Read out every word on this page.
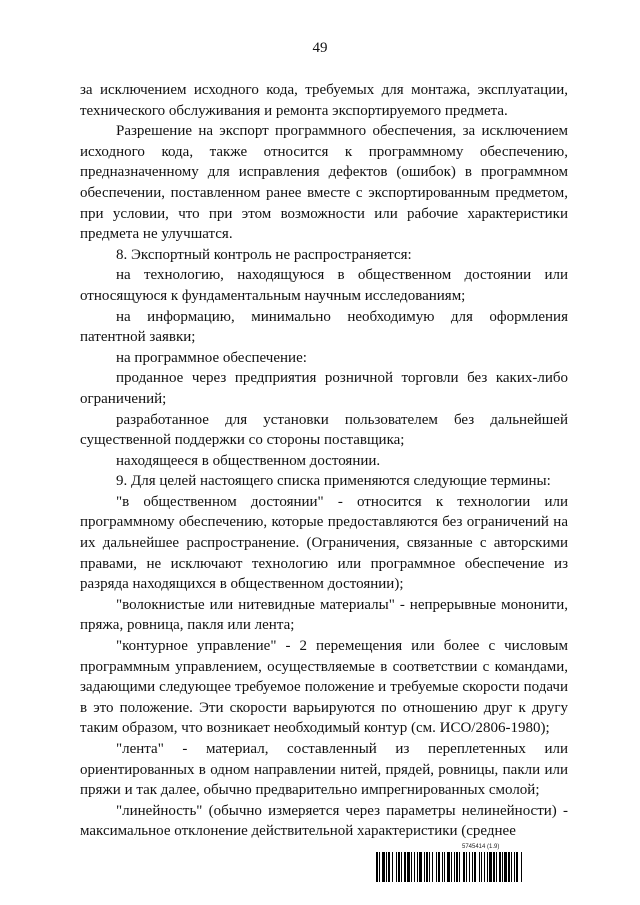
49

за исключением исходного кода, требуемых для монтажа, эксплуатации, технического обслуживания и ремонта экспортируемого предмета.

Разрешение на экспорт программного обеспечения, за исключением исходного кода, также относится к программному обеспечению, предназначенному для исправления дефектов (ошибок) в программном обеспечении, поставленном ранее вместе с экспортированным предметом, при условии, что при этом возможности или рабочие характеристики предмета не улучшатся.

8. Экспортный контроль не распространяется:

на технологию, находящуюся в общественном достоянии или относящуюся к фундаментальным научным исследованиям;

на информацию, минимально необходимую для оформления патентной заявки;

на программное обеспечение:

проданное через предприятия розничной торговли без каких-либо ограничений;

разработанное для установки пользователем без дальнейшей существенной поддержки со стороны поставщика;

находящееся в общественном достоянии.

9. Для целей настоящего списка применяются следующие термины:

"в общественном достоянии" - относится к технологии или программному обеспечению, которые предоставляются без ограничений на их дальнейшее распространение. (Ограничения, связанные с авторскими правами, не исключают технологию или программное обеспечение из разряда находящихся в общественном достоянии);

"волокнистые или нитевидные материалы" - непрерывные мононити, пряжа, ровница, пакля или лента;

"контурное управление" - 2 перемещения или более с числовым программным управлением, осуществляемые в соответствии с командами, задающими следующее требуемое положение и требуемые скорости подачи в это положение. Эти скорости варьируются по отношению друг к другу таким образом, что возникает необходимый контур (см. ИСО/2806-1980);

"лента" - материал, составленный из переплетенных или ориентированных в одном направлении нитей, прядей, ровницы, пакли или пряжи и так далее, обычно предварительно импрегнированных смолой;

"линейность" (обычно измеряется через параметры нелинейности) - максимальное отклонение действительной характеристики (среднее

5745414 (1.9)
